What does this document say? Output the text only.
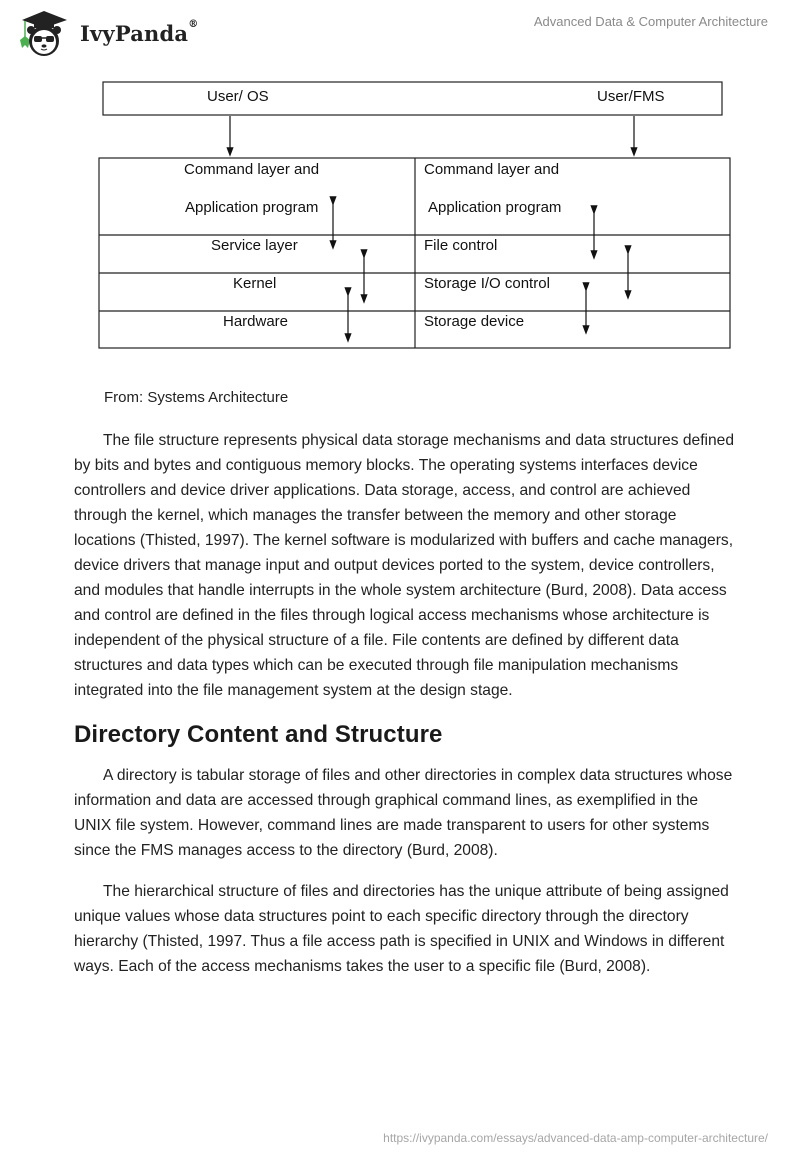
IvyPanda®	Advanced Data & Computer Architecture
User/ OS	User/FMS
Command layer and
Application program
Service layer
Kernel
Hardware
Command layer and
Application program
File control
Storage I/O control
Storage device
From: Systems Architecture

The file structure represents physical data storage mechanisms and data structures defined by bits and bytes and contiguous memory blocks. The operating systems interfaces device controllers and device driver applications. Data storage, access, and control are achieved through the kernel, which manages the transfer between the memory and other storage locations (Thisted, 1997). The kernel software is modularized with buffers and cache managers, device drivers that manage input and output devices ported to the system, device controllers, and modules that handle interrupts in the whole system architecture (Burd, 2008). Data access and control are defined in the files through logical access mechanisms whose architecture is independent of the physical structure of a file. File contents are defined by different data structures and data types which can be executed through file manipulation mechanisms integrated into the file management system at the design stage.

Directory Content and Structure

A directory is tabular storage of files and other directories in complex data structures whose information and data are accessed through graphical command lines, as exemplified in the UNIX file system. However, command lines are made transparent to users for other systems since the FMS manages access to the directory (Burd, 2008).

The hierarchical structure of files and directories has the unique attribute of being assigned unique values whose data structures point to each specific directory through the directory hierarchy (Thisted, 1997. Thus a file access path is specified in UNIX and Windows in different ways. Each of the access mechanisms takes the user to a specific file (Burd, 2008).

https://ivypanda.com/essays/advanced-data-amp-computer-architecture/
